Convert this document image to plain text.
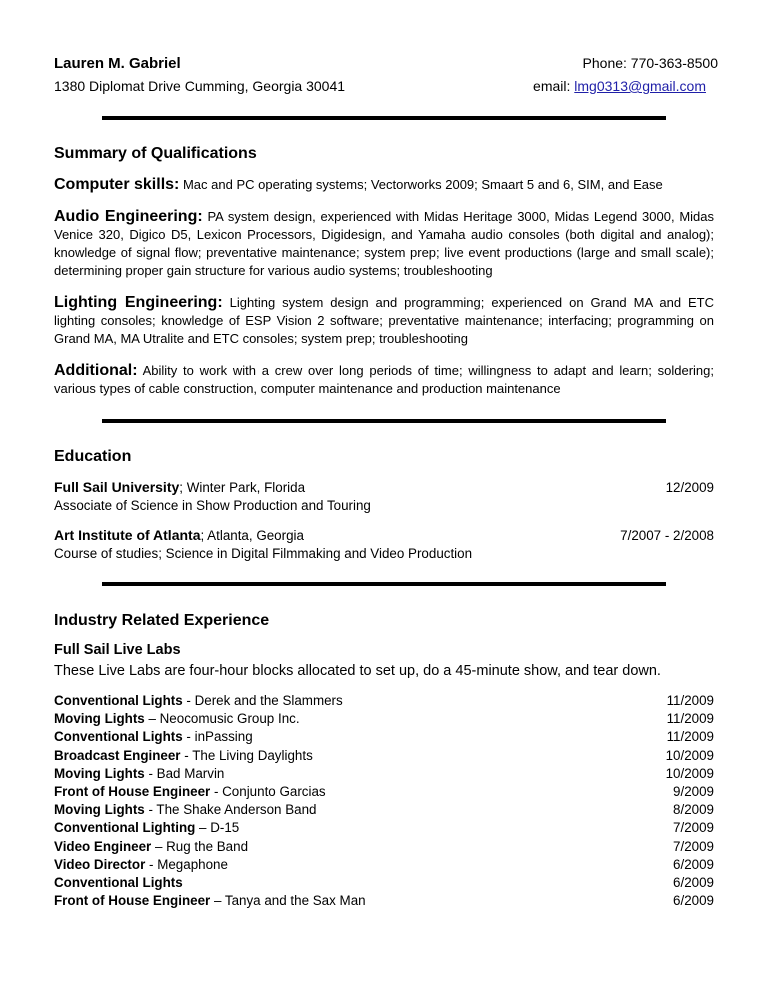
Lauren M. Gabriel	Phone: 770-363-8500
1380 Diplomat Drive Cumming, Georgia 30041	email: lmg0313@gmail.com
Summary of Qualifications
Computer skills: Mac and PC operating systems; Vectorworks 2009; Smaart 5 and 6, SIM, and Ease
Audio Engineering: PA system design, experienced with Midas Heritage 3000, Midas Legend 3000, Midas Venice 320, Digico D5, Lexicon Processors, Digidesign, and Yamaha audio consoles (both digital and analog); knowledge of signal flow; preventative maintenance; system prep; live event productions (large and small scale); determining proper gain structure for various audio systems; troubleshooting
Lighting Engineering: Lighting system design and programming; experienced on Grand MA and ETC lighting consoles; knowledge of ESP Vision 2 software; preventative maintenance; interfacing; programming on Grand MA, MA Utralite and ETC consoles; system prep; troubleshooting
Additional: Ability to work with a crew over long periods of time; willingness to adapt and learn; soldering; various types of cable construction, computer maintenance and production maintenance
Education
Full Sail University; Winter Park, Florida	12/2009
Associate of Science in Show Production and Touring
Art Institute of Atlanta; Atlanta, Georgia	7/2007 - 2/2008
Course of studies; Science in Digital Filmmaking and Video Production
Industry Related Experience
Full Sail Live Labs
These Live Labs are four-hour blocks allocated to set up, do a 45-minute show, and tear down.
Conventional Lights - Derek and the Slammers	11/2009
Moving Lights – Neocomusic Group Inc.	11/2009
Conventional Lights - inPassing	11/2009
Broadcast Engineer - The Living Daylights	10/2009
Moving Lights - Bad Marvin	10/2009
Front of House Engineer - Conjunto Garcias	9/2009
Moving Lights - The Shake Anderson Band	8/2009
Conventional Lighting – D-15	7/2009
Video Engineer – Rug the Band	7/2009
Video Director - Megaphone	6/2009
Conventional Lights	6/2009
Front of House Engineer – Tanya and the Sax Man	6/2009
